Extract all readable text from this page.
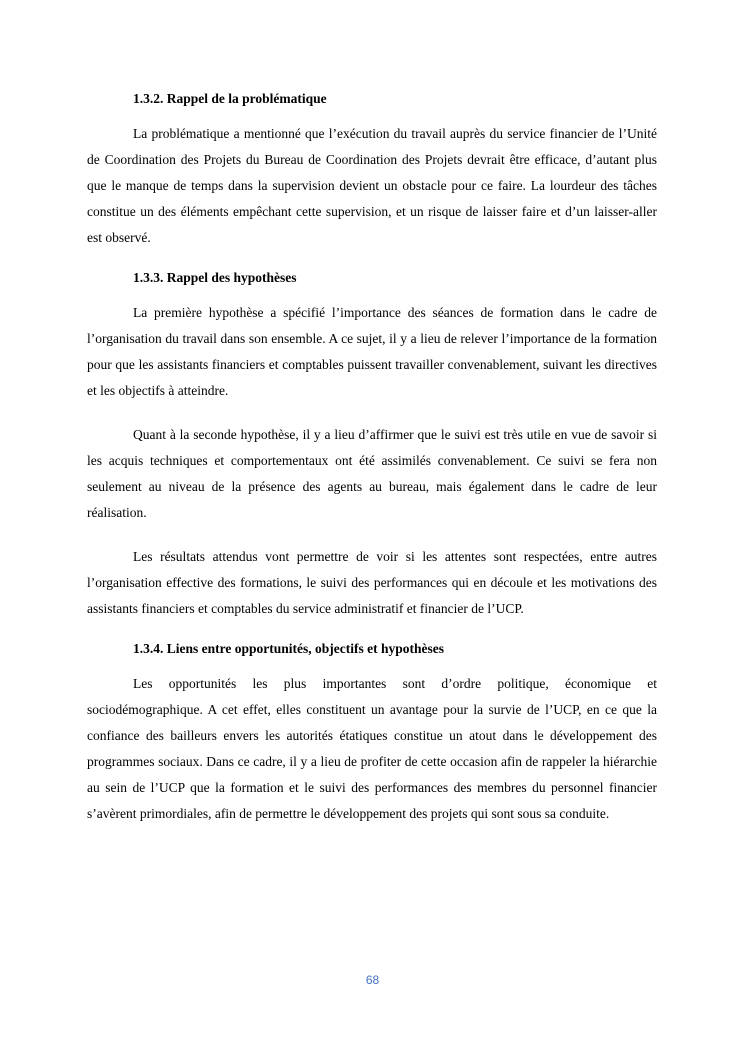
1.3.2. Rappel de la problématique

La problématique a mentionné que l’exécution du travail auprès du service financier de l’Unité de Coordination des Projets du Bureau de Coordination des Projets devrait être efficace, d’autant plus que le manque de temps dans la supervision devient un obstacle pour ce faire. La lourdeur des tâches constitue un des éléments empêchant cette supervision, et un risque de laisser faire et d’un laisser-aller est observé.

1.3.3. Rappel des hypothèses

La première hypothèse a spécifié l’importance des séances de formation dans le cadre de l’organisation du travail dans son ensemble. A ce sujet, il y a lieu de relever l’importance de la formation pour que les assistants financiers et comptables puissent travailler convenablement, suivant les directives et les objectifs à atteindre.

Quant à la seconde hypothèse, il y a lieu d’affirmer que le suivi est très utile en vue de savoir si les acquis techniques et comportementaux ont été assimilés convenablement. Ce suivi se fera non seulement au niveau de la présence des agents au bureau, mais également dans le cadre de leur réalisation.

Les résultats attendus vont permettre de voir si les attentes sont respectées, entre autres l’organisation effective des formations, le suivi des performances qui en découle et les motivations des assistants financiers et comptables du service administratif et financier de l’UCP.

1.3.4. Liens entre opportunités, objectifs et hypothèses

Les opportunités les plus importantes sont d’ordre politique, économique et sociodémographique. A cet effet, elles constituent un avantage pour la survie de l’UCP, en ce que la confiance des bailleurs envers les autorités étatiques constitue un atout dans le développement des programmes sociaux. Dans ce cadre, il y a lieu de profiter de cette occasion afin de rappeler la hiérarchie au sein de l’UCP que la formation et le suivi des performances des membres du personnel financier s’avèrent primordiales, afin de permettre le développement des projets qui sont sous sa conduite.

68
